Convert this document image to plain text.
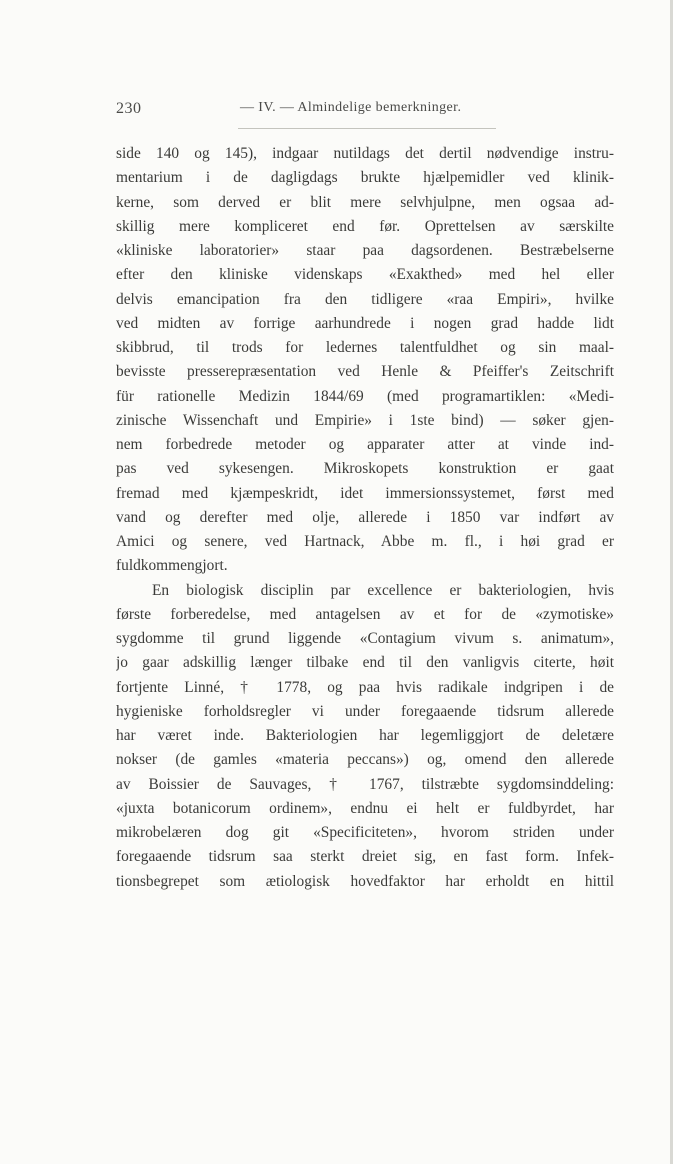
230	— IV. — Almindelige bemerkninger.
side 140 og 145), indgaar nutildags det dertil nødvendige instru-
mentarium i de dagligdags brukte hjælpemidler ved klinik-
kerne, som derved er blit mere selvhjulpne, men ogsaa ad-
skillig mere kompliceret end før. Oprettelsen av særskilte
«kliniske laboratorier» staar paa dagsordenen. Bestræbelserne
efter den kliniske videnskaps «Exakthed» med hel eller
delvis emancipation fra den tidligere «raa Empiri», hvilke
ved midten av forrige aarhundrede i nogen grad hadde lidt
skibbrud, til trods for ledernes talentfuldhet og sin maal-
bevisste presserepræsentation ved Henle & Pfeiffer's Zeitschrift
für rationelle Medizin 1844/69 (med programartiklen: «Medi-
zinische Wissenchaft und Empirie» i 1ste bind) — søker gjen-
nem forbedrede metoder og apparater atter at vinde ind-
pas ved sykesengen. Mikroskopets konstruktion er gaat
fremad med kjæmpeskridt, idet immersionssystemet, først med
vand og derefter med olje, allerede i 1850 var indført av
Amici og senere, ved Hartnack, Abbe m. fl., i høi grad er
fuldkommengjort.
En biologisk disciplin par excellence er bakteriologien, hvis
første forberedelse, med antagelsen av et for de «zymotiske»
sygdomme til grund liggende «Contagium vivum s. animatum»,
jo gaar adskillig længer tilbake end til den vanligvis citerte, høit
fortjente Linné, † 1778, og paa hvis radikale indgripen i de
hygieniske forholdsregler vi under foregaaende tidsrum allerede
har været inde. Bakteriologien har legemliggjort de deletære
nokser (de gamles «materia peccans») og, omend den allerede
av Boissier de Sauvages, † 1767, tilstræbte sygdomsinddeling:
«juxta botanicorum ordinem», endnu ei helt er fuldbyrdet, har
mikrobelæren dog git «Specificiteten», hvorom striden under
foregaaende tidsrum saa sterkt dreiet sig, en fast form. Infek-
tionsbegrepet som ætiologisk hovedfaktor har erholdt en hittil
